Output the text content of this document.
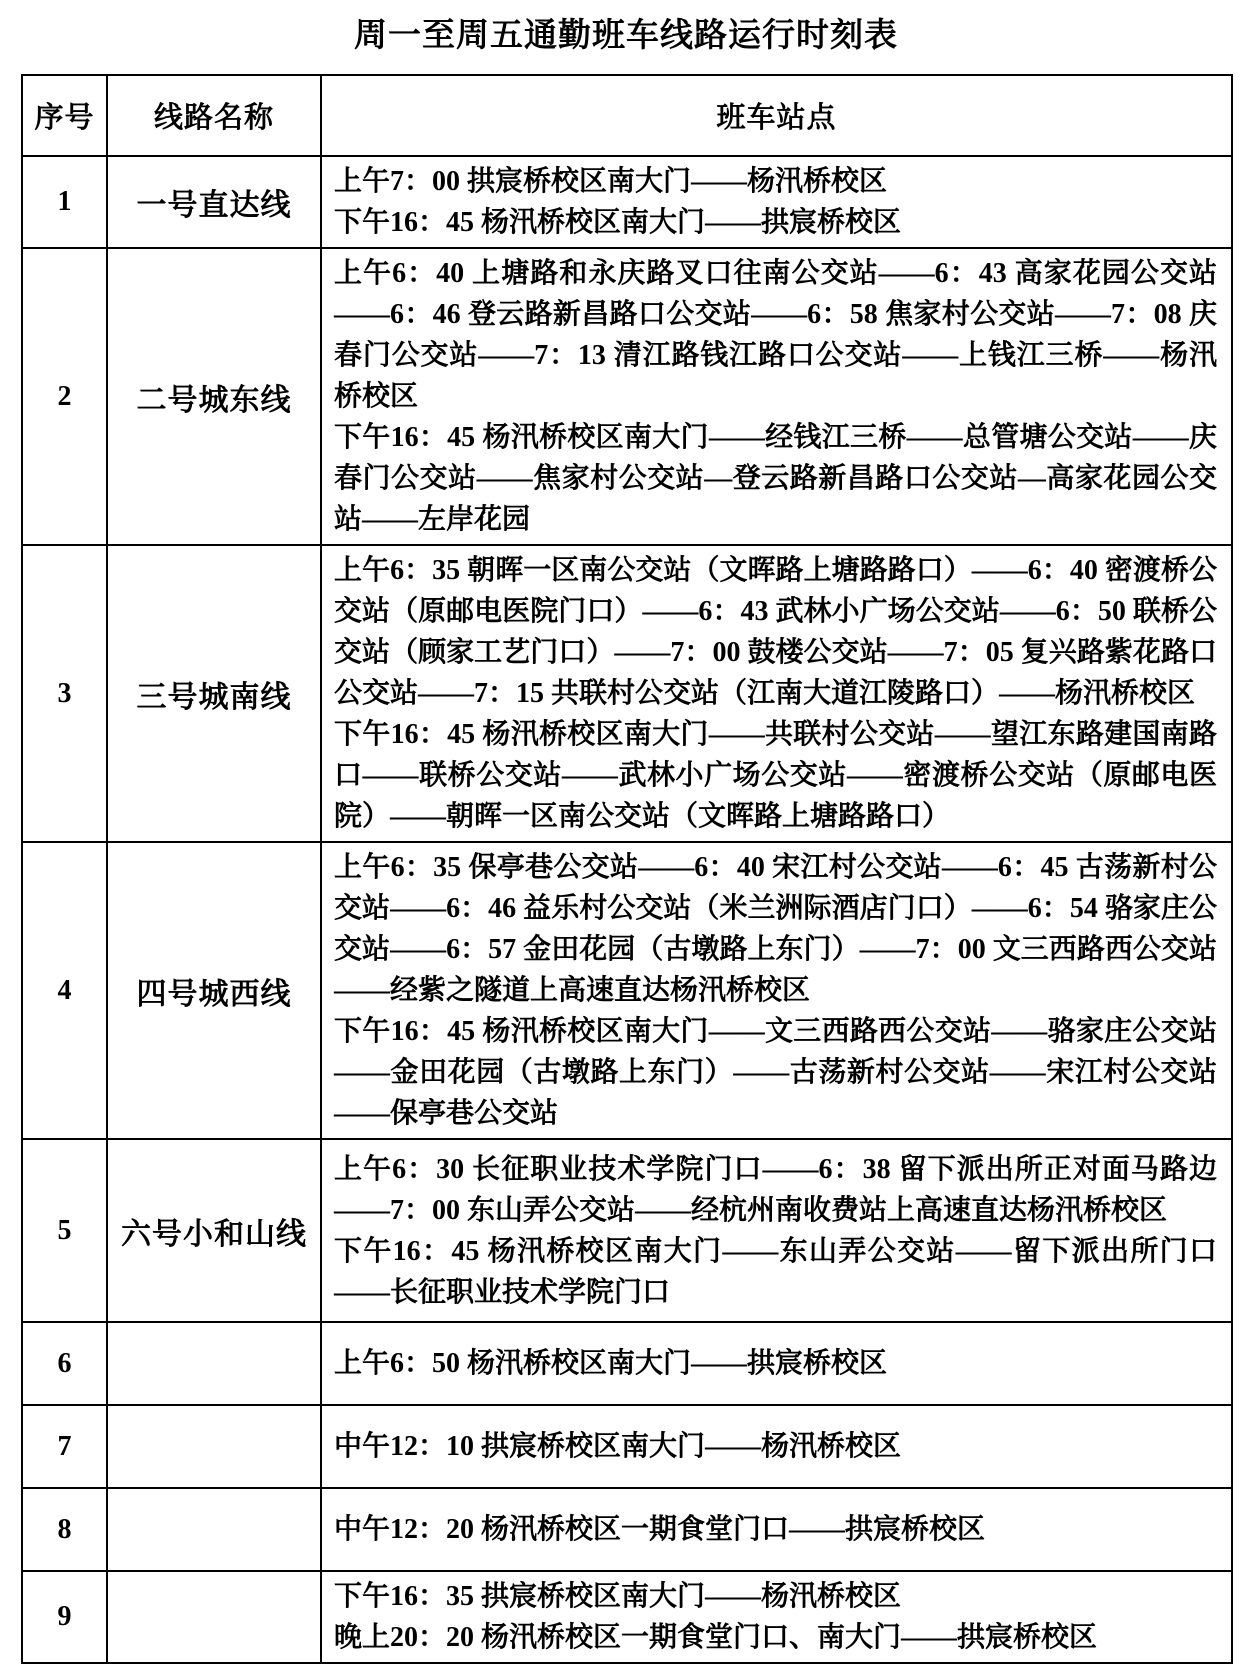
周一至周五通勤班车线路运行时刻表
序号	线路名称	班车站点
1	一号直达线	上午7：00 拱宸桥校区南大门——杨汛桥校区

下午16：45 杨汛桥校区南大门——拱宸桥校区

2	二号城东线	上午6：40 上塘路和永庆路叉口往南公交站——6：43 高家花园公交站——6：46 登云路新昌路口公交站——6：58 焦家村公交站——7：08 庆春门公交站——7：13 清江路钱江路口公交站——上钱江三桥——杨汛桥校区

下午16：45 杨汛桥校区南大门——经钱江三桥——总管塘公交站——庆春门公交站——焦家村公交站—登云路新昌路口公交站—高家花园公交站——左岸花园

3	三号城南线	上午6：35 朝晖一区南公交站（文晖路上塘路路口）——6：40 密渡桥公交站（原邮电医院门口）——6：43 武林小广场公交站——6：50 联桥公交站（顾家工艺门口）——7：00 鼓楼公交站——7：05 复兴路紫花路口公交站——7：15 共联村公交站（江南大道江陵路口）——杨汛桥校区

下午16：45 杨汛桥校区南大门——共联村公交站——望江东路建国南路口——联桥公交站——武林小广场公交站——密渡桥公交站（原邮电医院）——朝晖一区南公交站（文晖路上塘路路口）

4	四号城西线	上午6：35 保亭巷公交站——6：40 宋江村公交站——6：45 古荡新村公交站——6：46 益乐村公交站（米兰洲际酒店门口）——6：54 骆家庄公交站——6：57 金田花园（古墩路上东门）——7：00 文三西路西公交站——经紫之隧道上高速直达杨汛桥校区

下午16：45 杨汛桥校区南大门——文三西路西公交站——骆家庄公交站——金田花园（古墩路上东门）——古荡新村公交站——宋江村公交站——保亭巷公交站

5	六号小和山线	上午6：30 长征职业技术学院门口——6：38 留下派出所正对面马路边——7：00 东山弄公交站——经杭州南收费站上高速直达杨汛桥校区

下午16：45 杨汛桥校区南大门——东山弄公交站——留下派出所门口——长征职业技术学院门口

6		上午6：50 杨汛桥校区南大门——拱宸桥校区

7		中午12：10 拱宸桥校区南大门——杨汛桥校区

8		中午12：20 杨汛桥校区一期食堂门口——拱宸桥校区

9		下午16：35 拱宸桥校区南大门——杨汛桥校区

晚上20：20 杨汛桥校区一期食堂门口、南大门——拱宸桥校区
